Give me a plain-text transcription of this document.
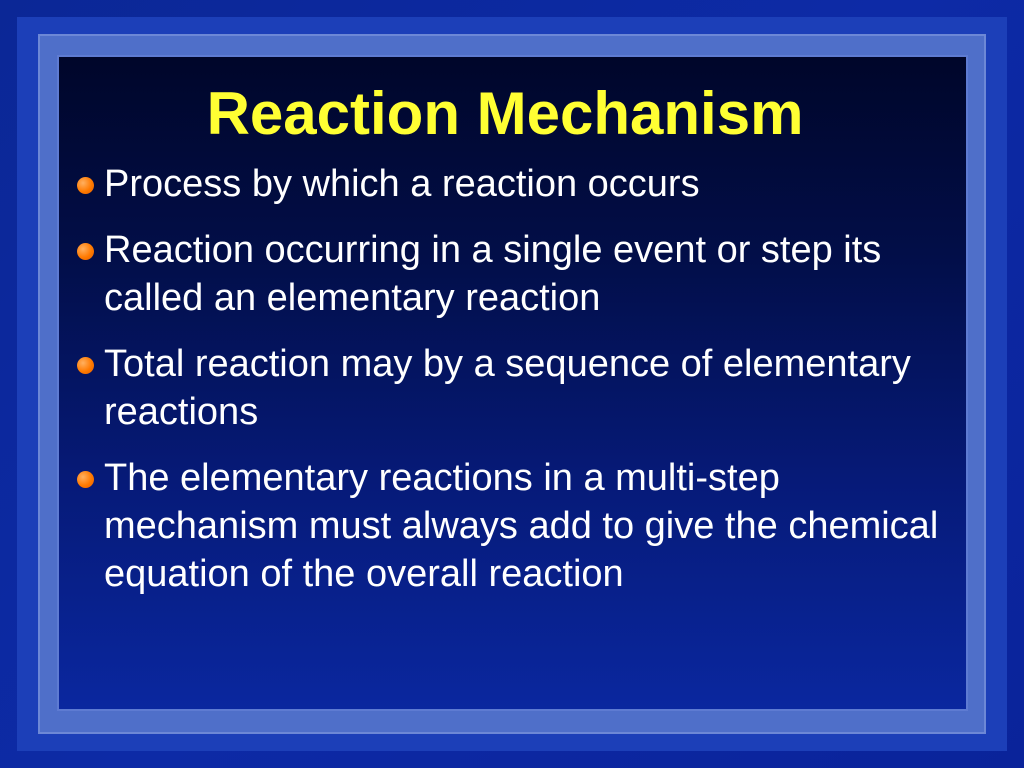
Reaction Mechanism
Process by which a reaction occurs
Reaction occurring in a single event or step its called an elementary reaction
Total reaction may by a sequence of elementary reactions
The elementary reactions in a multi-step mechanism must always add to give the chemical equation of the overall reaction
